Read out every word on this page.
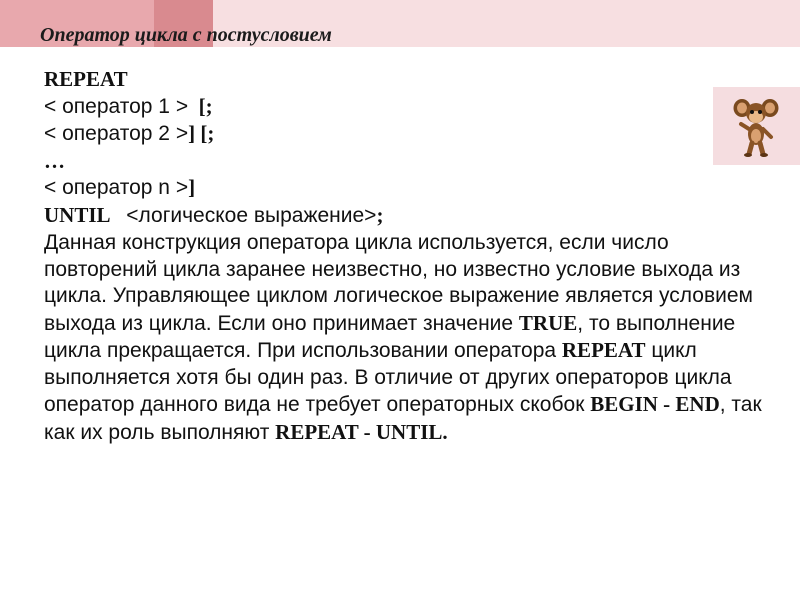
Оператор цикла с постусловием
REPEAT
< оператор 1 > [;
< оператор 2 >] [;
…
< оператор n >]
UNTIL <логическое выражение>;
Данная конструкция оператора цикла используется, если число повторений цикла заранее неизвестно, но известно условие выхода из цикла. Управляющее циклом логическое выражение является условием выхода из цикла. Если оно принимает значение TRUE, то выполнение цикла прекращается. При использовании оператора REPEAT цикл выполняется хотя бы один раз. В отличие от других операторов цикла оператор данного вида не требует операторных скобок BEGIN - END, так как их роль выполняют REPEAT - UNTIL.
